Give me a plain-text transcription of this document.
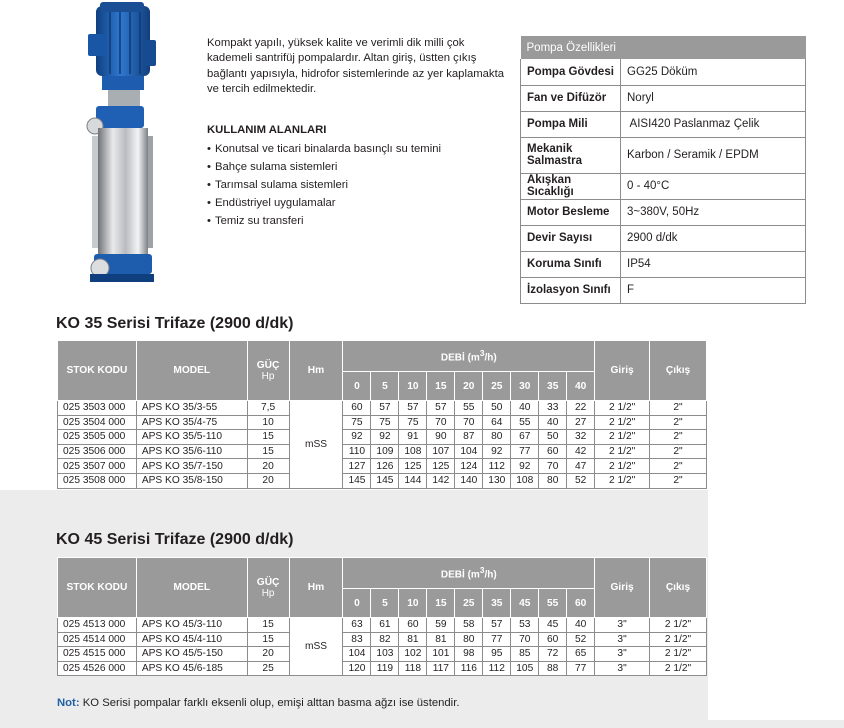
Kompakt yapılı, yüksek kalite ve verimli dik milli çok kademeli santrifüj pompalardır. Altan giriş, üstten çıkış bağlantı yapısıyla, hidrofor sistemlerinde az yer kaplamakta ve tercih edilmektedir.

KULLANIM ALANLARI
• Konutsal ve ticari binalarda basınçlı su temini
• Bahçe sulama sistemleri
• Tarımsal sulama sistemleri
• Endüstriyel uygulamalar
• Temiz su transferi
Pompa Özellikleri	
Pompa Gövdesi	GG25 Döküm
Fan ve Difüzör	Noryl
Pompa Mili	AISI420 Paslanmaz Çelik
Mekanik Salmastra	Karbon / Seramik / EPDM
Akışkan Sıcaklığı	0 - 40°C
Motor Besleme	3~380V, 50Hz
Devir Sayısı	2900 d/dk
Koruma Sınıfı	IP54
İzolasyon Sınıfı	F
KO 35 Serisi Trifaze (2900 d/dk)
STOK KODU	MODEL	GÜÇ
Hp	Hm	DEBİ $(m^3/h)$									Giriş	Çıkış
				0	5	10	15	20	25	30	35	40		
025 3503 000	APS KO 35/3-55	7,5	mSS	60	57	57	57	55	50	40	33	22	2 1/2"	2"
025 3504 000	APS KO 35/4-75	10		75	75	75	70	70	64	55	40	27	2 1/2"	2"
025 3505 000	APS KO 35/5-110	15		92	92	91	90	87	80	67	50	32	2 1/2"	2"
025 3506 000	APS KO 35/6-110	15		110	109	108	107	104	92	77	60	42	2 1/2"	2"
025 3507 000	APS KO 35/7-150	20		127	126	125	125	124	112	92	70	47	2 1/2"	2"
025 3508 000	APS KO 35/8-150	20		145	145	144	142	140	130	108	80	52	2 1/2"	2"
KO 45 Serisi Trifaze (2900 d/dk)
STOK KODU	MODEL	GÜÇ
Hp	Hm	DEBİ $(m^3/h)$									Giriş	Çıkış
				0	5	10	15	25	35	45	55	60		
025 4513 000	APS KO 45/3-110	15	mSS	63	61	60	59	58	57	53	45	40	3"	2 1/2"
025 4514 000	APS KO 45/4-110	15		83	82	81	81	80	77	70	60	52	3"	2 1/2"
025 4515 000	APS KO 45/5-150	20		104	103	102	101	98	95	85	72	65	3"	2 1/2"
025 4526 000	APS KO 45/6-185	25		120	119	118	117	116	112	105	88	77	3"	2 1/2"
Not: KO Serisi pompalar farklı eksenli olup, emişi alttan basma ağzı ise üstendir.
